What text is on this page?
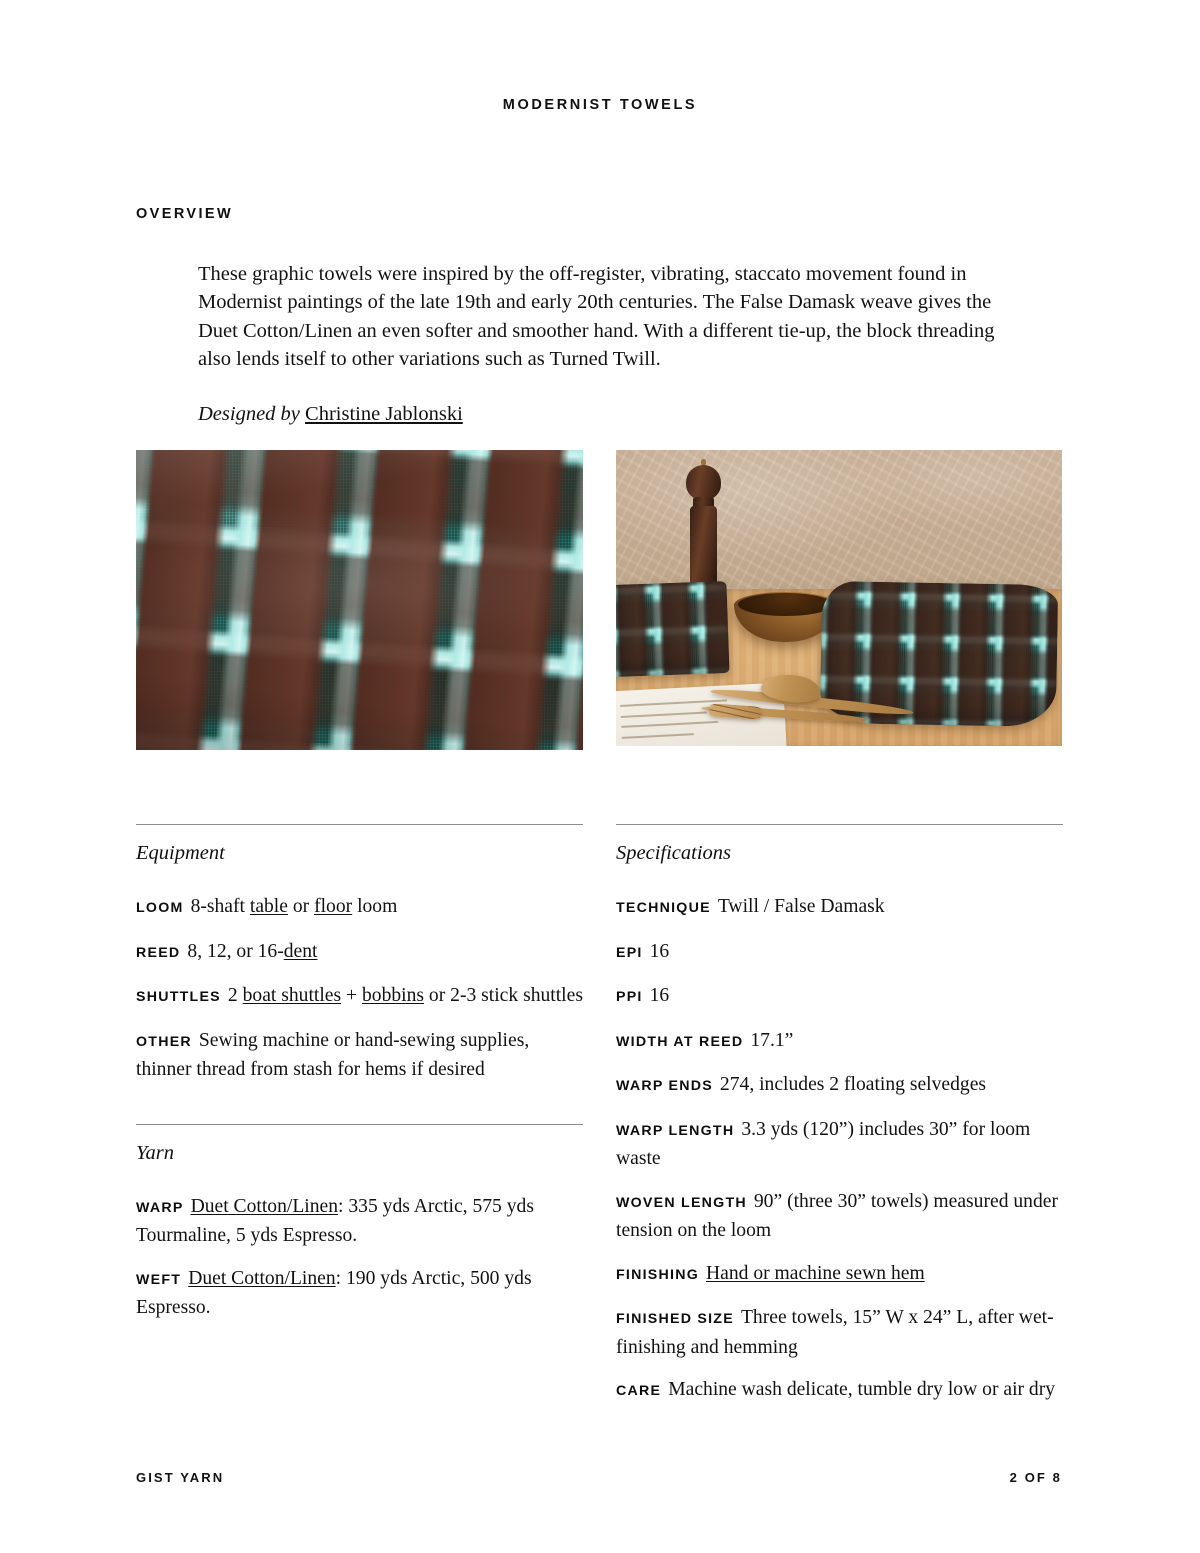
MODERNIST TOWELS
OVERVIEW

These graphic towels were inspired by the off-register, vibrating, staccato movement found in Modernist paintings of the late 19th and early 20th centuries. The False Damask weave gives the Duet Cotton/Linen an even softer and smoother hand. With a different tie-up, the block threading also lends itself to other variations such as Turned Twill.

Designed by Christine Jablonski
Equipment
LOOM 8-shaft table or floor loom
REED 8, 12, or 16-dent
SHUTTLES 2 boat shuttles + bobbins or 2-3 stick shuttles
OTHER Sewing machine or hand-sewing supplies, thinner thread from stash for hems if desired
Yarn
WARP Duet Cotton/Linen: 335 yds Arctic, 575 yds Tourmaline, 5 yds Espresso.
WEFT Duet Cotton/Linen: 190 yds Arctic, 500 yds Espresso.
Specifications
TECHNIQUE Twill / False Damask
EPI 16
PPI 16
WIDTH AT REED 17.1”
WARP ENDS 274, includes 2 floating selvedges
WARP LENGTH 3.3 yds (120”) includes 30” for loom waste
WOVEN LENGTH 90” (three 30” towels) measured under tension on the loom
FINISHING Hand or machine sewn hem
FINISHED SIZE Three towels, 15” W x 24” L, after wet-finishing and hemming
CARE Machine wash delicate, tumble dry low or air dry
GIST YARN	2 OF 8
